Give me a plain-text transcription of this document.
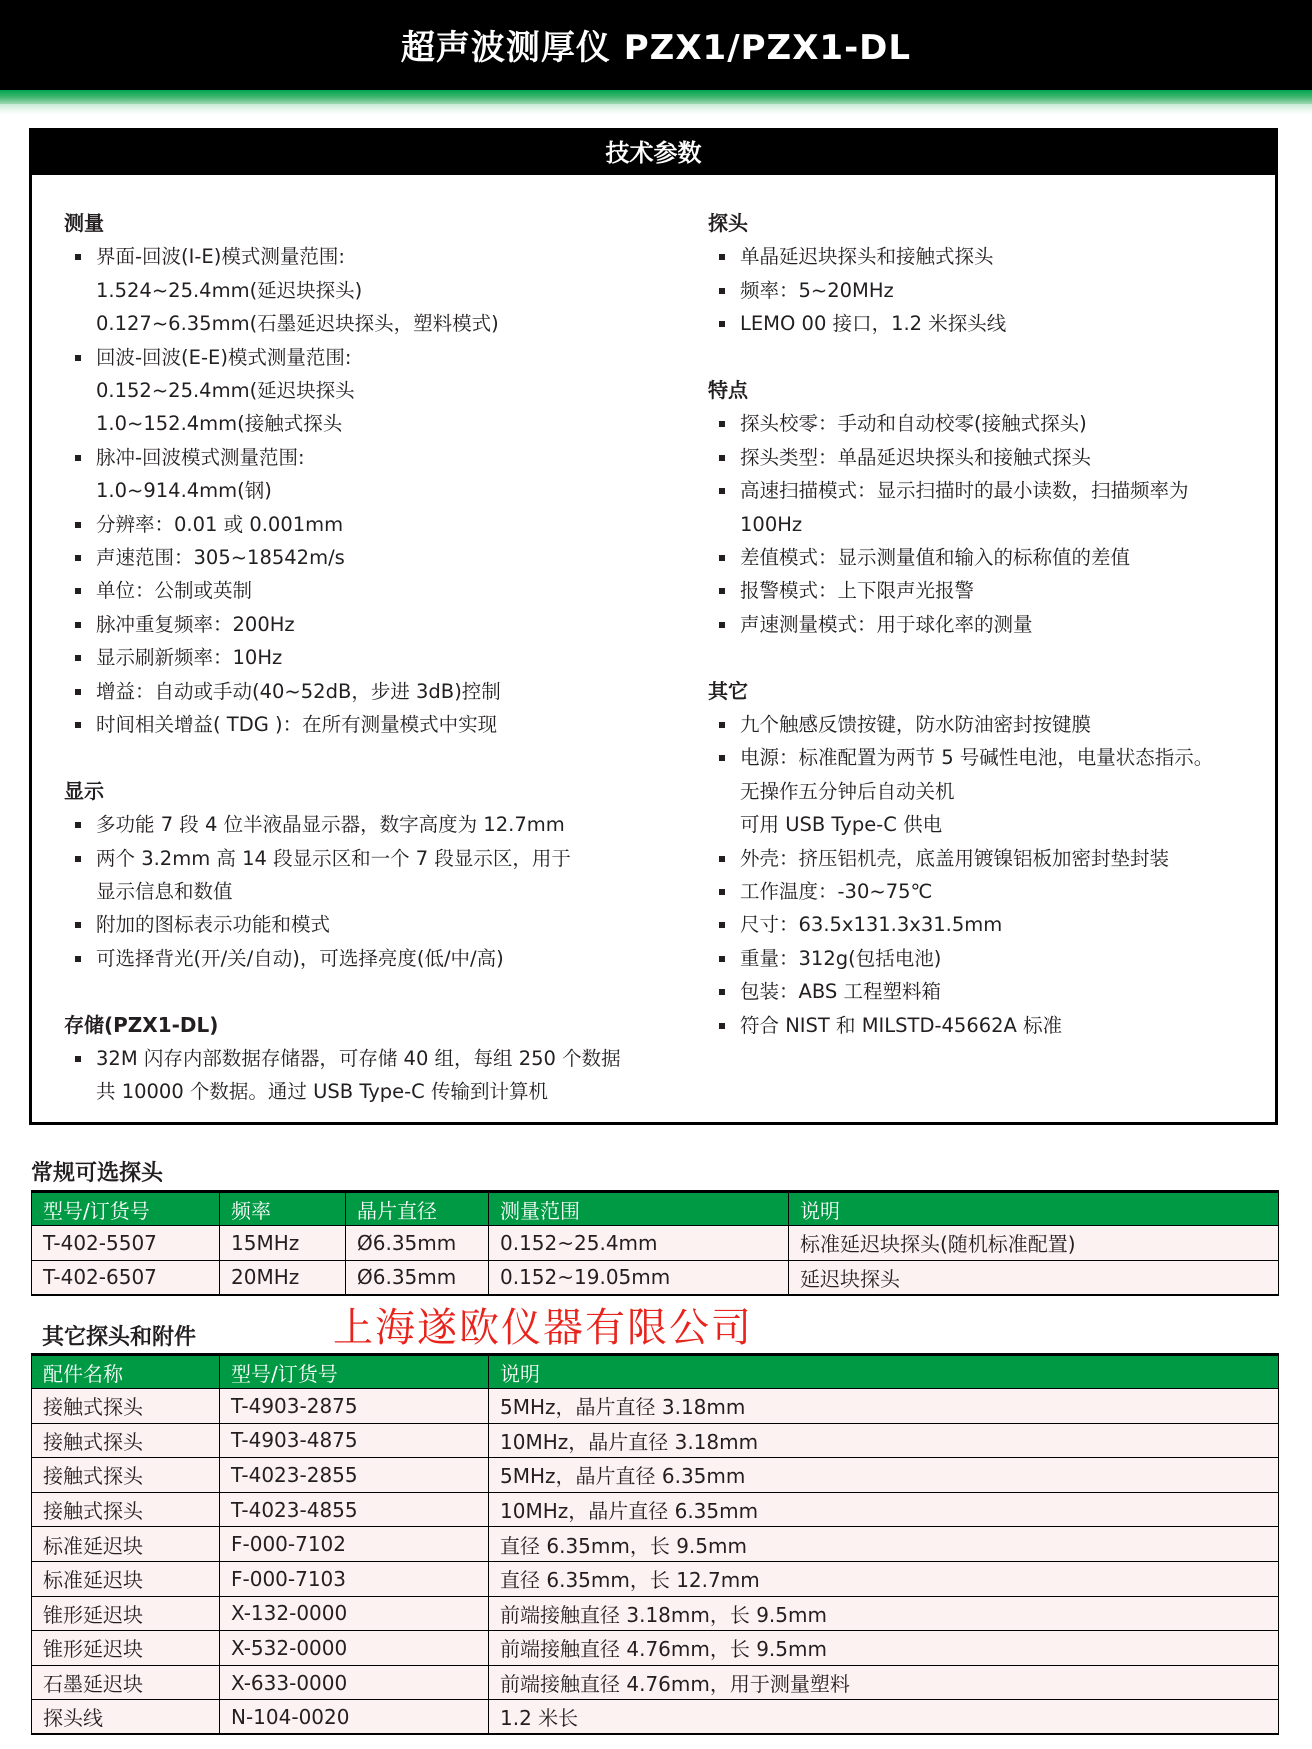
超声波测厚仪 PZX1/PZX1-DL
技术参数
测量
界面-回波(I-E)模式测量范围:
1.524~25.4mm(延迟块探头)
0.127~6.35mm(石墨延迟块探头，塑料模式)
回波-回波(E-E)模式测量范围:
0.152~25.4mm(延迟块探头
1.0~152.4mm(接触式探头
脉冲-回波模式测量范围:
1.0~914.4mm(钢)
分辨率：0.01 或 0.001mm
声速范围：305~18542m/s
单位：公制或英制
脉冲重复频率：200Hz
显示刷新频率：10Hz
增益：自动或手动(40~52dB，步进 3dB)控制
时间相关增益( TDG )：在所有测量模式中实现
显示
多功能 7 段 4 位半液晶显示器，数字高度为 12.7mm
两个 3.2mm 高 14 段显示区和一个 7 段显示区，用于
显示信息和数值
附加的图标表示功能和模式
可选择背光(开/关/自动)，可选择亮度(低/中/高)
存储(PZX1-DL)
32M 闪存内部数据存储器，可存储 40 组，每组 250 个数据
共 10000 个数据。通过 USB Type-C 传输到计算机
探头
单晶延迟块探头和接触式探头
频率：5~20MHz
LEMO 00 接口，1.2 米探头线
特点
探头校零：手动和自动校零(接触式探头)
探头类型：单晶延迟块探头和接触式探头
高速扫描模式：显示扫描时的最小读数，扫描频率为
100Hz
差值模式：显示测量值和输入的标称值的差值
报警模式：上下限声光报警
声速测量模式：用于球化率的测量
其它
九个触感反馈按键，防水防油密封按键膜
电源：标准配置为两节 5 号碱性电池，电量状态指示。
无操作五分钟后自动关机
可用 USB Type-C 供电
外壳：挤压铝机壳，底盖用镀镍铝板加密封垫封装
工作温度：-30~75℃
尺寸：63.5x131.3x31.5mm
重量：312g(包括电池)
包装：ABS 工程塑料箱
符合 NIST 和 MILSTD-45662A 标准
常规可选探头
型号/订货号	频率	晶片直径	测量范围	说明
T-402-5507	15MHz	Ø6.35mm	0.152~25.4mm	标准延迟块探头(随机标准配置)
T-402-6507	20MHz	Ø6.35mm	0.152~19.05mm	延迟块探头
上海遂欧仪器有限公司
其它探头和附件
配件名称	型号/订货号	说明
接触式探头	T-4903-2875	5MHz，晶片直径 3.18mm
接触式探头	T-4903-4875	10MHz，晶片直径 3.18mm
接触式探头	T-4023-2855	5MHz，晶片直径 6.35mm
接触式探头	T-4023-4855	10MHz，晶片直径 6.35mm
标准延迟块	F-000-7102	直径 6.35mm，长 9.5mm
标准延迟块	F-000-7103	直径 6.35mm，长 12.7mm
锥形延迟块	X-132-0000	前端接触直径 3.18mm，长 9.5mm
锥形延迟块	X-532-0000	前端接触直径 4.76mm，长 9.5mm
石墨延迟块	X-633-0000	前端接触直径 4.76mm，用于测量塑料
探头线	N-104-0020	1.2 米长
